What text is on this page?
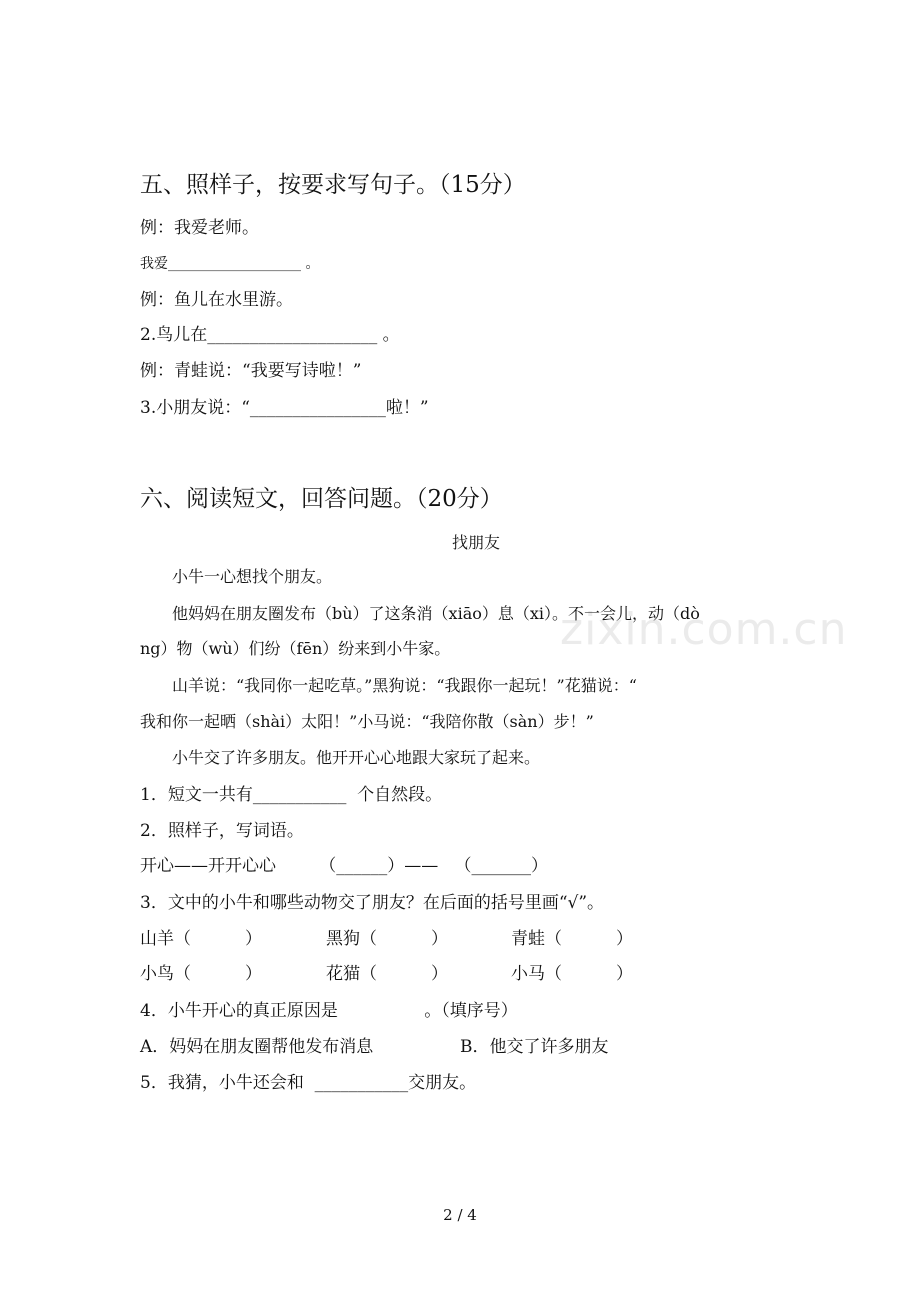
zixin.com.cn
五、照样子，按要求写句子。（15分）
例：我爱老师。
我爱___________________ 。
例：鱼儿在水里游。
2.鸟儿在____________________ 。
例：青蛙说：“我要写诗啦！”
3.小朋友说：“________________啦！”
六、阅读短文，回答问题。（20分）
找朋友
小牛一心想找个朋友。
他妈妈在朋友圈发布（bù）了这条消（xiāo）息（xi）。不一会儿，动（dò
ng）物（wù）们纷（fēn）纷来到小牛家。
山羊说：“我同你一起吃草。”黑狗说：“我跟你一起玩！”花猫说：“
我和你一起晒（shài）太阳！”小马说：“我陪你散（sàn）步！”
小牛交了许多朋友。他开开心心地跟大家玩了起来。
1．短文一共有___________  个自然段。
2．照样子，写词语。
开心——开开心心        （______）——   （_______）
3．文中的小牛和哪些动物交了朋友？在后面的括号里画“√”。
山羊（          ）	黑狗（          ）	青蛙（          ）
小鸟（          ）	花猫（          ）	小马（          ）
4．小牛开心的真正原因是                。（填序号）
A．妈妈在朋友圈帮他发布消息	B．他交了许多朋友
5．我猜，小牛还会和  ___________交朋友。
2 / 4
